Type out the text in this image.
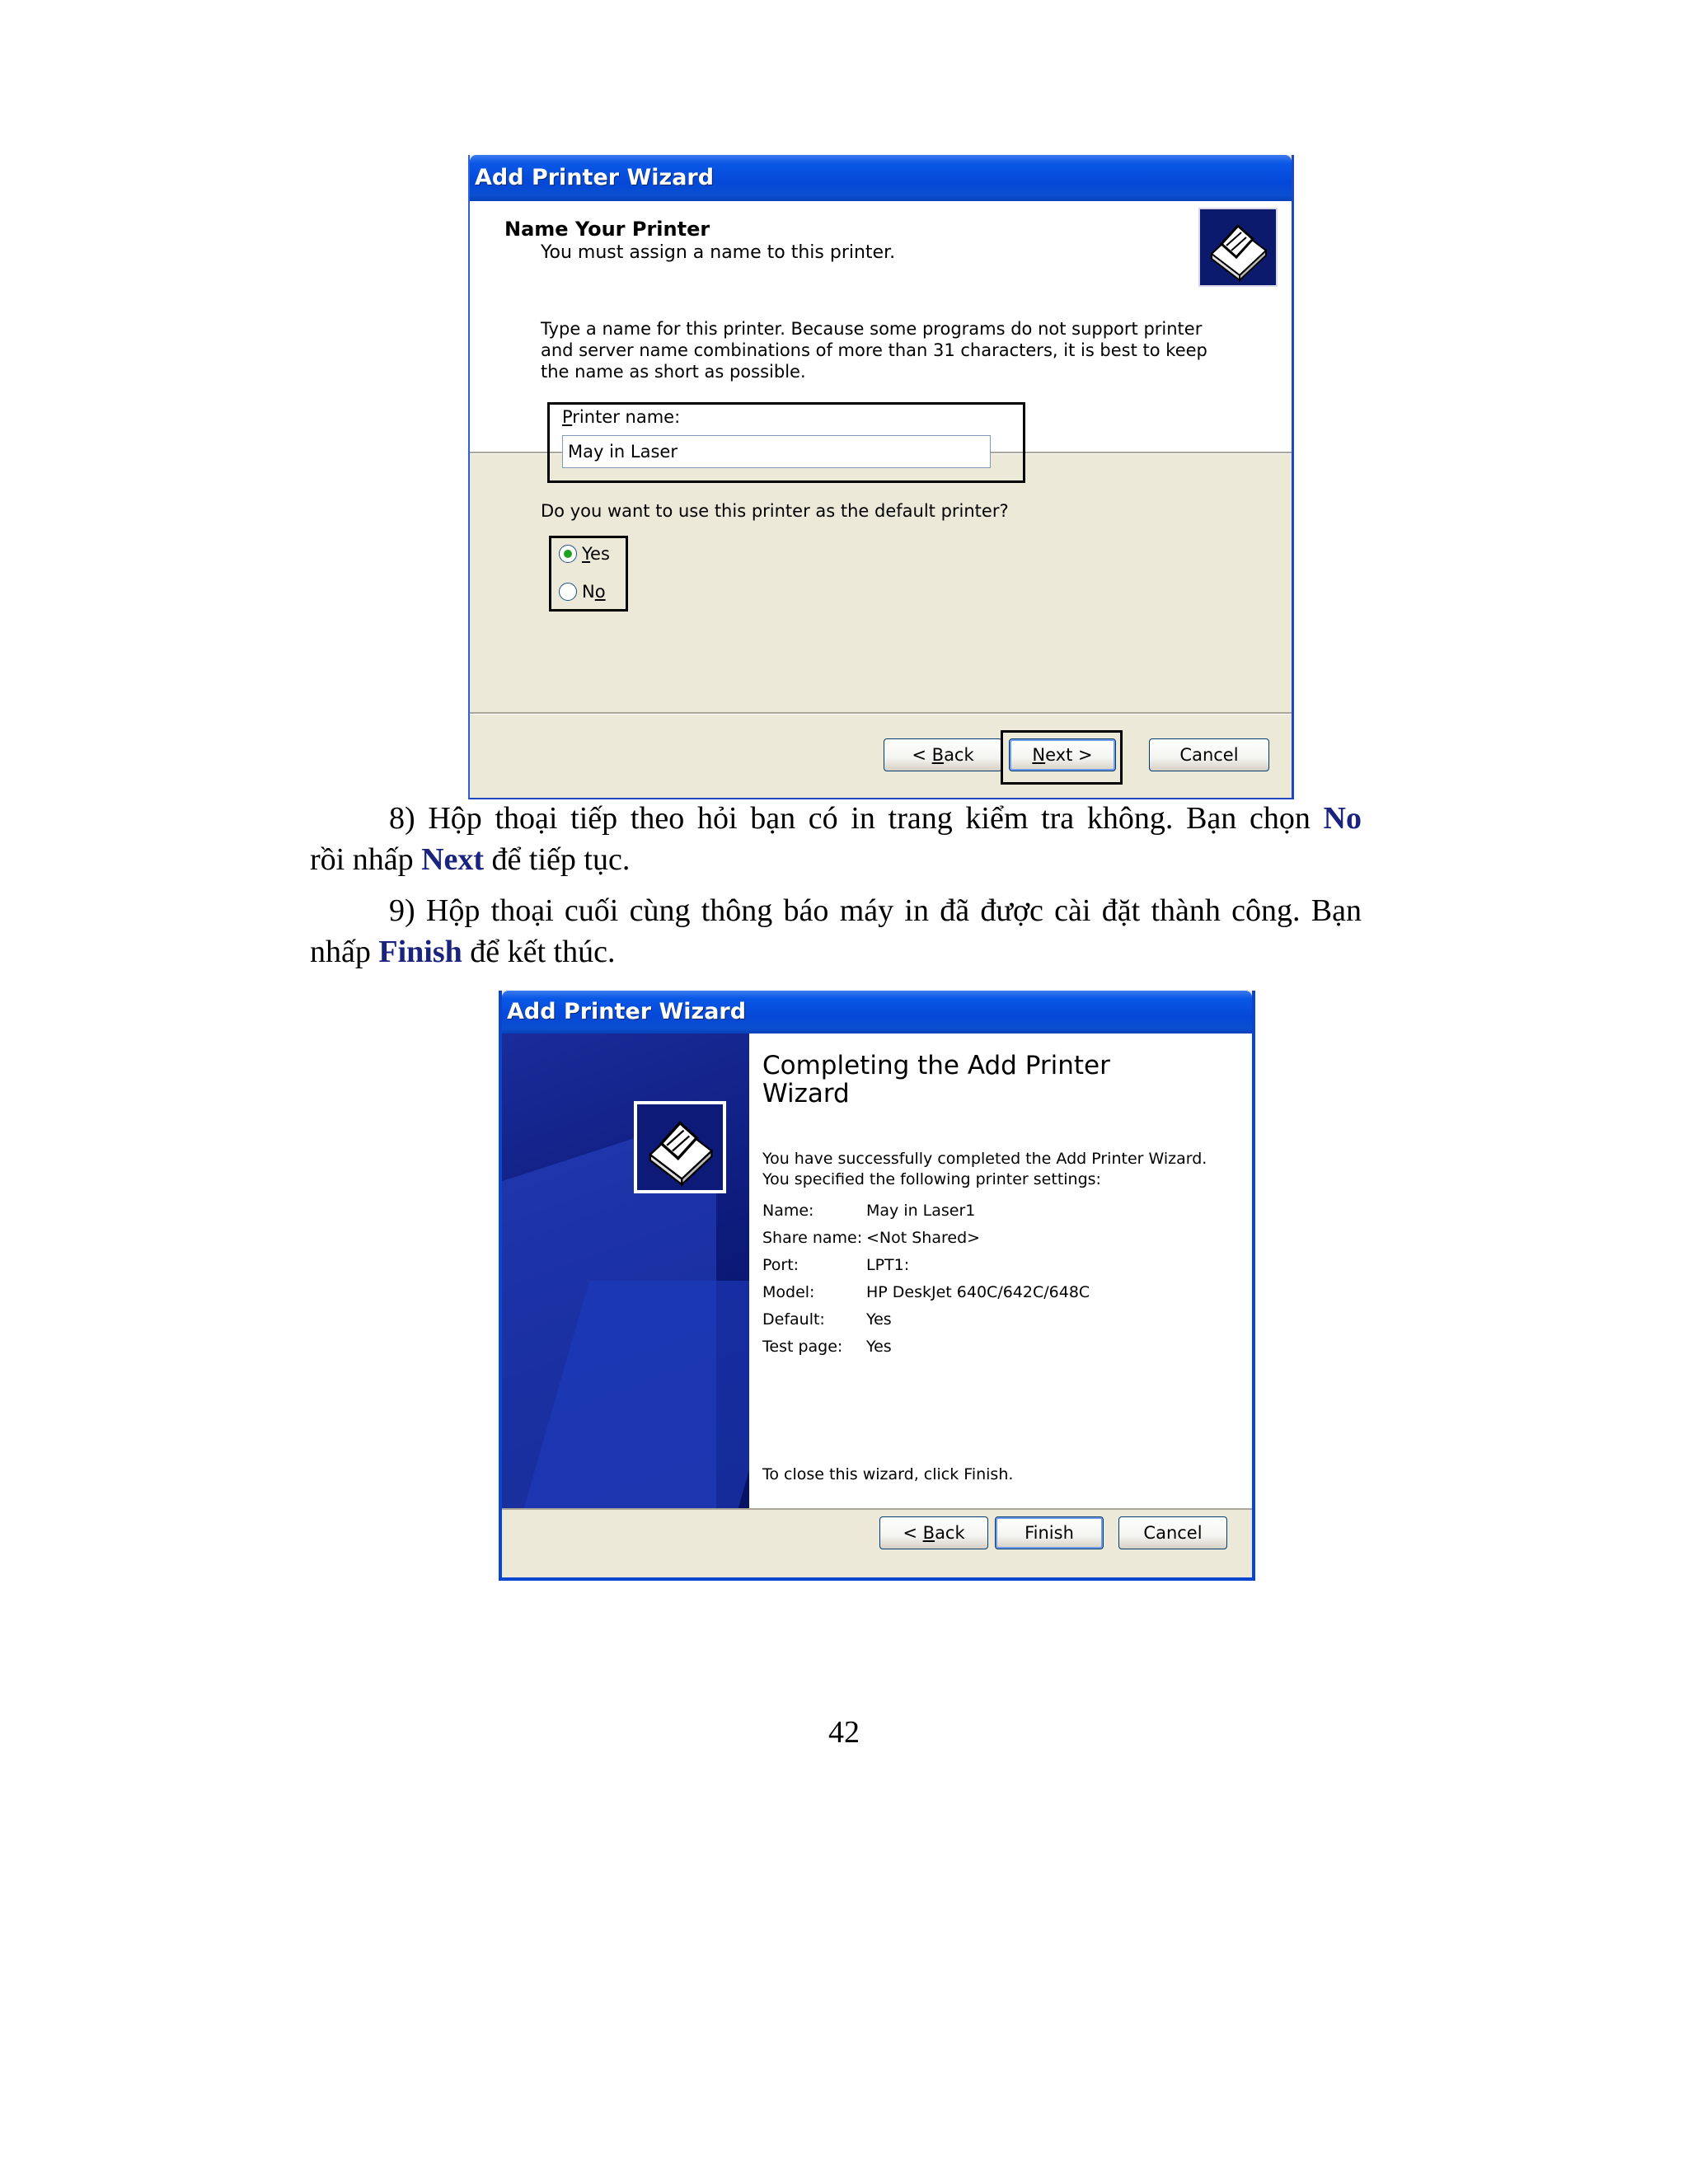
Add Printer Wizard
Name Your Printer
You must assign a name to this printer.
Type a name for this printer. Because some programs do not support printer and server name combinations of more than 31 characters, it is best to keep the name as short as possible.
Printer name:
May in Laser
Do you want to use this printer as the default printer?
Yes
No
< Back	Next >	Cancel
8) Hộp thoại tiếp theo hỏi bạn có in trang kiểm tra không. Bạn chọn No
rồi nhấp Next để tiếp tục.
9) Hộp thoại cuối cùng thông báo máy in đã được cài đặt thành công. Bạn
nhấp Finish để kết thúc.
Add Printer Wizard
Completing the Add Printer Wizard
You have successfully completed the Add Printer Wizard.
You specified the following printer settings:
Name:	May in Laser1
Share name: <Not Shared>
Port:	LPT1:
Model:	HP DeskJet 640C/642C/648C
Default:	Yes
Test page:	Yes
To close this wizard, click Finish.
< Back	Finish	Cancel
42
